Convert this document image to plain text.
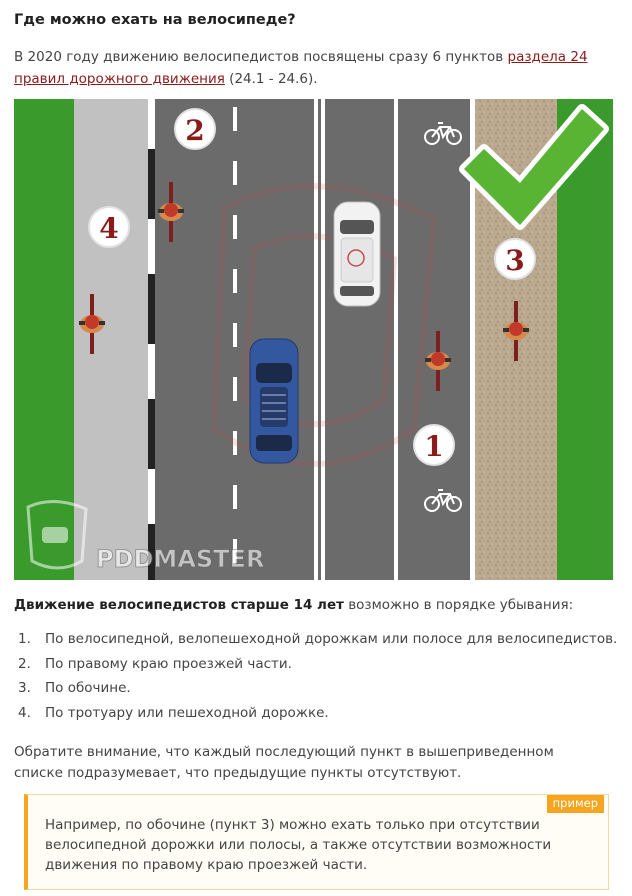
Где можно ехать на велосипеде?
В 2020 году движению велосипедистов посвящены сразу 6 пунктов раздела 24 правил дорожного движения (24.1 - 24.6).
1
2
3
4
PDDMASTER
Движение велосипедистов старше 14 лет возможно в порядке убывания:
1.	По велосипедной, велопешеходной дорожкам или полосе для велосипедистов.
2.	По правому краю проезжей части.
3.	По обочине.
4.	По тротуару или пешеходной дорожке.
Обратите внимание, что каждый последующий пункт в вышеприведенном списке подразумевает, что предыдущие пункты отсутствуют.
пример
Например, по обочине (пункт 3) можно ехать только при отсутствии велосипедной дорожки или полосы, а также отсутствии возможности движения по правому краю проезжей части.
